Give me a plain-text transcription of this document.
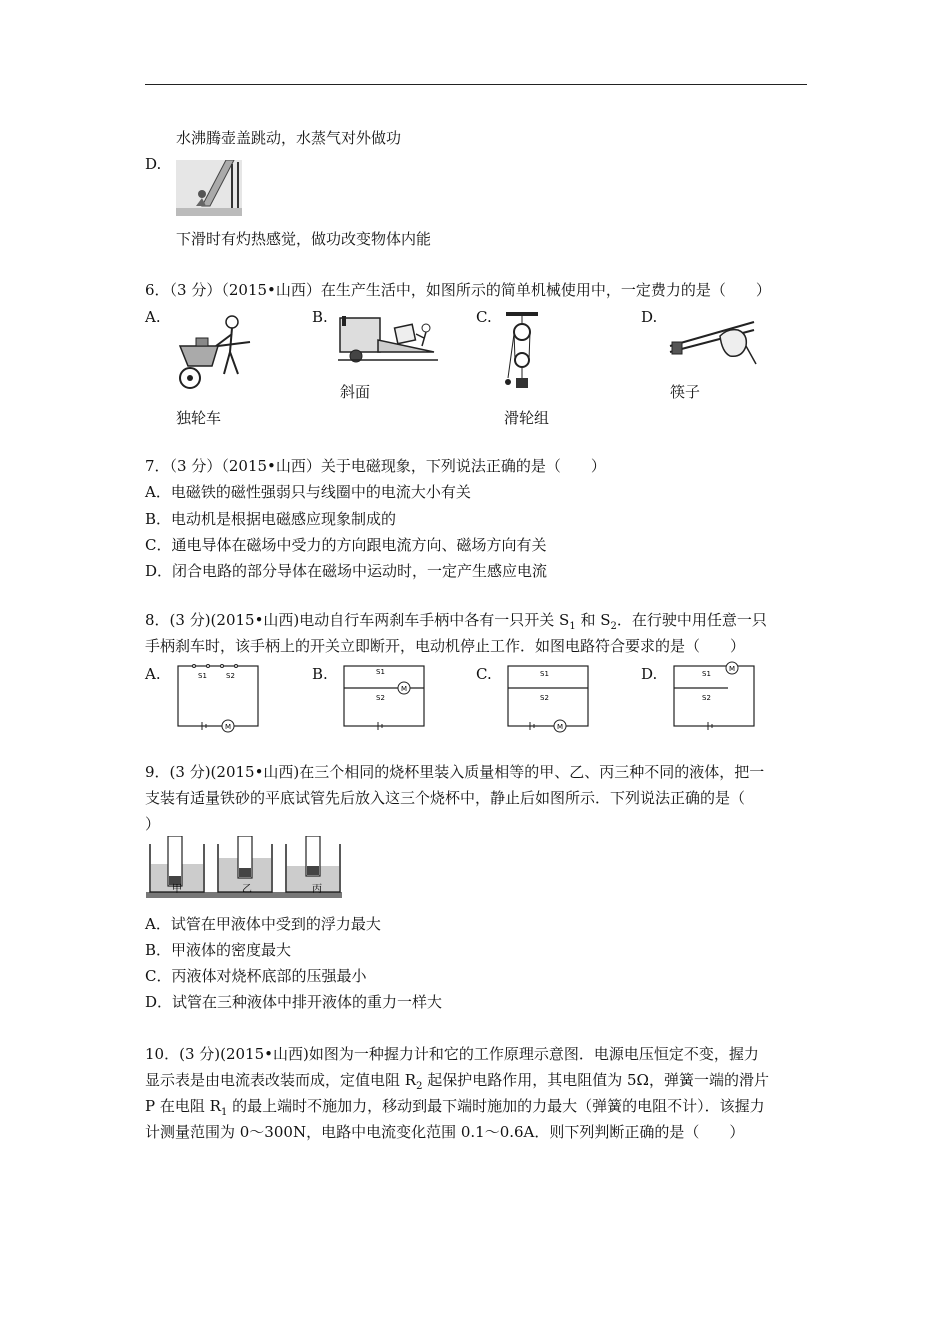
水沸腾壶盖跳动，水蒸气对外做功
D.
下滑时有灼热感觉，做功改变物体内能
6．（3 分）（2015•山西）在生产生活中，如图所示的简单机械使用中，一定费力的是（　　）
A.	B.	C.	D.
斜面
滑轮组
筷子
独轮车
7．（3 分）（2015•山西）关于电磁现象，下列说法正确的是（　　）
A．电磁铁的磁性强弱只与线圈中的电流大小有关
B．电动机是根据电磁感应现象制成的
C．通电导体在磁场中受力的方向跟电流方向、磁场方向有关
D．闭合电路的部分导体在磁场中运动时，一定产生感应电流
8．(3 分)(2015•山西)电动自行车两刹车手柄中各有一只开关 $S_1$ 和 $S_2$．在行驶中用任意一只
手柄刹车时，该手柄上的开关立即断开，电动机停止工作．如图电路符合要求的是（　　）
A.	B.	C.	D.
S1	S2
M
S1
S2
M
S1
S2
M
S1
S2
M
9．(3 分)(2015•山西)在三个相同的烧杯里装入质量相等的甲、乙、丙三种不同的液体，把一
支装有适量铁砂的平底试管先后放入这三个烧杯中，静止后如图所示．下列说法正确的是（
）
甲	乙	丙
A．试管在甲液体中受到的浮力最大
B．甲液体的密度最大
C．丙液体对烧杯底部的压强最小
D．试管在三种液体中排开液体的重力一样大
10．(3 分)(2015•山西)如图为一种握力计和它的工作原理示意图．电源电压恒定不变，握力
显示表是由电流表改装而成，定值电阻 $R_2$ 起保护电路作用，其电阻值为 5Ω，弹簧一端的滑片
P 在电阻 $R_1$ 的最上端时不施加力，移动到最下端时施加的力最大（弹簧的电阻不计）．该握力
计测量范围为 0～300N，电路中电流变化范围 0.1～0.6A．则下列判断正确的是（　　）
